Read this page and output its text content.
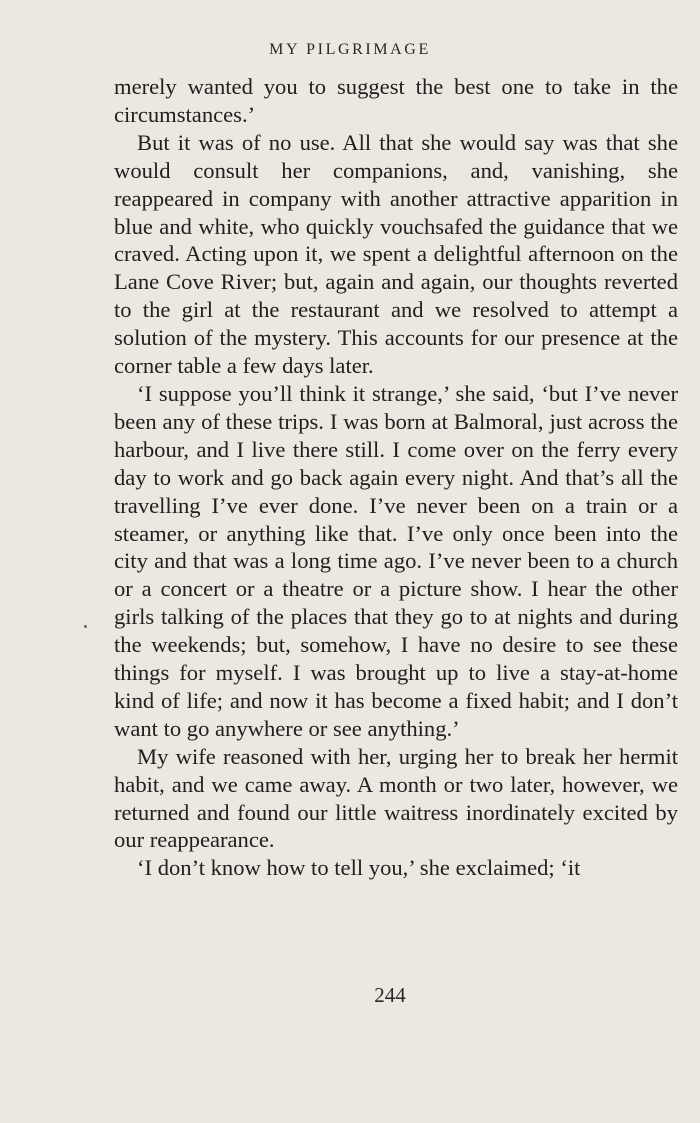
MY PILGRIMAGE

merely wanted you to suggest the best one to take in the circumstances.’

But it was of no use. All that she would say was that she would consult her companions, and, vanishing, she reappeared in company with another attractive apparition in blue and white, who quickly vouchsafed the guidance that we craved. Acting upon it, we spent a delightful afternoon on the Lane Cove River; but, again and again, our thoughts reverted to the girl at the restaurant and we resolved to attempt a solution of the mystery. This accounts for our presence at the corner table a few days later.

‘I suppose you’ll think it strange,’ she said, ‘but I’ve never been any of these trips. I was born at Balmoral, just across the harbour, and I live there still. I come over on the ferry every day to work and go back again every night. And that’s all the travelling I’ve ever done. I’ve never been on a train or a steamer, or anything like that. I’ve only once been into the city and that was a long time ago. I’ve never been to a church or a concert or a theatre or a picture show. I hear the other girls talking of the places that they go to at nights and during the weekends; but, somehow, I have no desire to see these things for myself. I was brought up to live a stay-at-home kind of life; and now it has become a fixed habit; and I don’t want to go anywhere or see anything.’

My wife reasoned with her, urging her to break her hermit habit, and we came away. A month or two later, however, we returned and found our little waitress inordinately excited by our reappearance.

‘I don’t know how to tell you,’ she exclaimed; ‘it

244
